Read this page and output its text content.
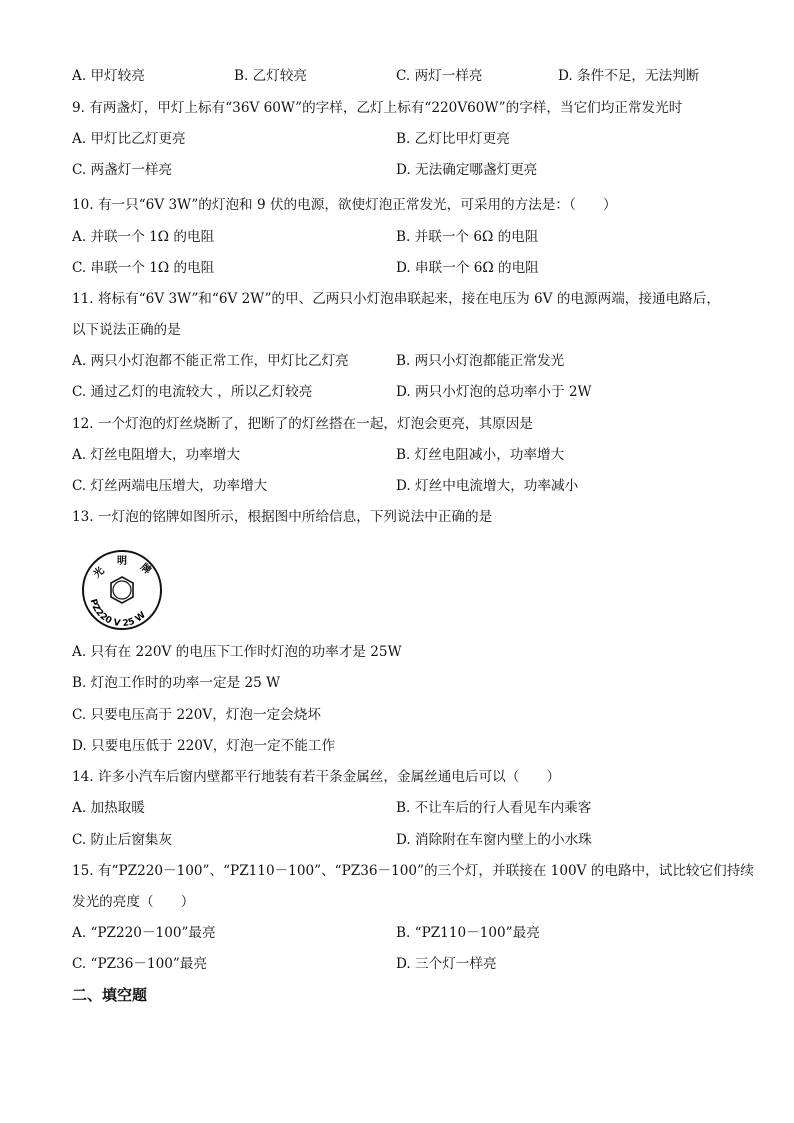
A. 甲灯较亮	B. 乙灯较亮	C. 两灯一样亮	D. 条件不足，无法判断
9. 有两盏灯，甲灯上标有“36V 60W”的字样，乙灯上标有“220V60W”的字样，当它们均正常发光时
A. 甲灯比乙灯更亮	B. 乙灯比甲灯更亮
C. 两盏灯一样亮	D. 无法确定哪盏灯更亮
10. 有一只“6V 3W”的灯泡和 9 伏的电源，欲使灯泡正常发光，可采用的方法是：（　　）
A. 并联一个 1Ω 的电阻	B. 并联一个 6Ω 的电阻
C. 串联一个 1Ω 的电阻	D. 串联一个 6Ω 的电阻
11. 将标有“6V 3W”和“6V 2W”的甲、乙两只小灯泡串联起来，接在电压为 6V 的电源两端，接通电路后，
以下说法正确的是
A. 两只小灯泡都不能正常工作，甲灯比乙灯亮	B. 两只小灯泡都能正常发光
C. 通过乙灯的电流较大 ，所以乙灯较亮	D. 两只小灯泡的总功率小于 2W
12. 一个灯泡的灯丝烧断了，把断了的灯丝搭在一起，灯泡会更亮，其原因是
A. 灯丝电阻增大，功率增大	B. 灯丝电阻减小，功率增大
C. 灯丝两端电压增大，功率增大	D. 灯丝中电流增大，功率减小
13. 一灯泡的铭牌如图所示，根据图中所给信息，下列说法中正确的是
光
明
牌
PZ220 V 25 W
A. 只有在 220V 的电压下工作时灯泡的功率才是 25W
B. 灯泡工作时的功率一定是 25 W
C. 只要电压高于 220V，灯泡一定会烧坏
D. 只要电压低于 220V，灯泡一定不能工作
14. 许多小汽车后窗内壁都平行地装有若干条金属丝，金属丝通电后可以（　　）
A. 加热取暖	B. 不让车后的行人看见车内乘客
C. 防止后窗集灰	D. 消除附在车窗内壁上的小水珠
15. 有“PZ220－100”、“PZ110－100”、“PZ36－100”的三个灯，并联接在 100V 的电路中，试比较它们持续
发光的亮度（　　）
A. “PZ220－100”最亮	B. “PZ110－100”最亮
C. “PZ36－100”最亮	D. 三个灯一样亮
二、填空题
